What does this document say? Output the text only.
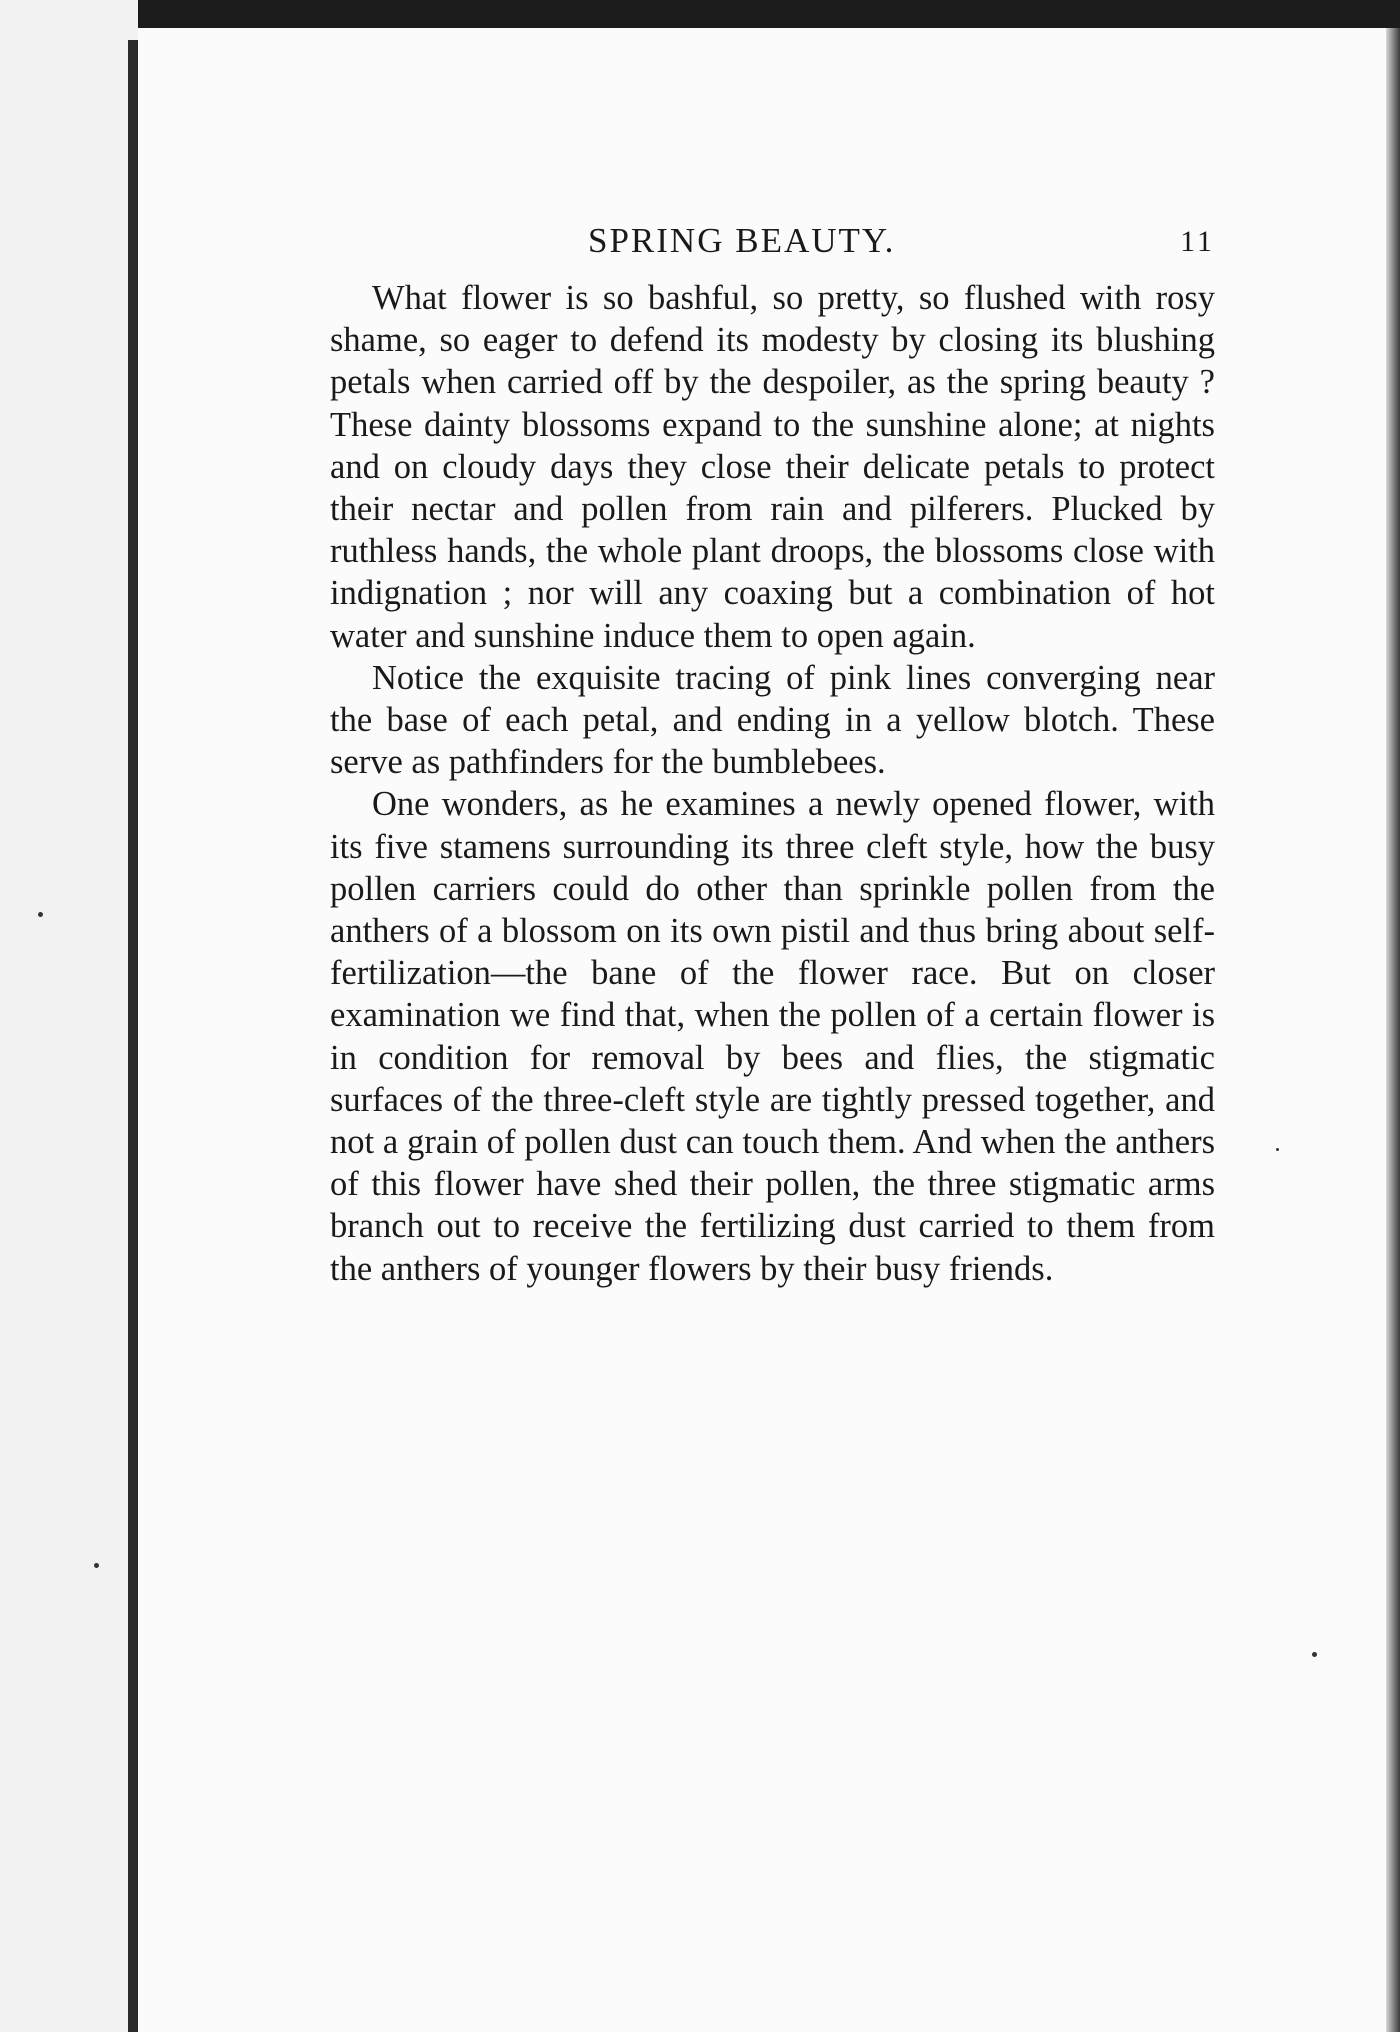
SPRING BEAUTY.	11

What flower is so bashful, so pretty, so flushed with rosy shame, so eager to defend its modesty by closing its blushing petals when carried off by the despoiler, as the spring beauty ? These dainty blossoms expand to the sunshine alone; at nights and on cloudy days they close their delicate petals to protect their nectar and pollen from rain and pilferers. Plucked by ruthless hands, the whole plant droops, the blossoms close with indignation ; nor will any coaxing but a combination of hot water and sunshine induce them to open again.

Notice the exquisite tracing of pink lines converging near the base of each petal, and ending in a yellow blotch. These serve as pathfinders for the bumblebees.

One wonders, as he examines a newly opened flower, with its five stamens surrounding its three cleft style, how the busy pollen carriers could do other than sprinkle pollen from the anthers of a blossom on its own pistil and thus bring about self-fertilization—the bane of the flower race. But on closer examination we find that, when the pollen of a certain flower is in condition for removal by bees and flies, the stigmatic surfaces of the three-cleft style are tightly pressed together, and not a grain of pollen dust can touch them. And when the anthers of this flower have shed their pollen, the three stigmatic arms branch out to receive the fertilizing dust carried to them from the anthers of younger flowers by their busy friends.
